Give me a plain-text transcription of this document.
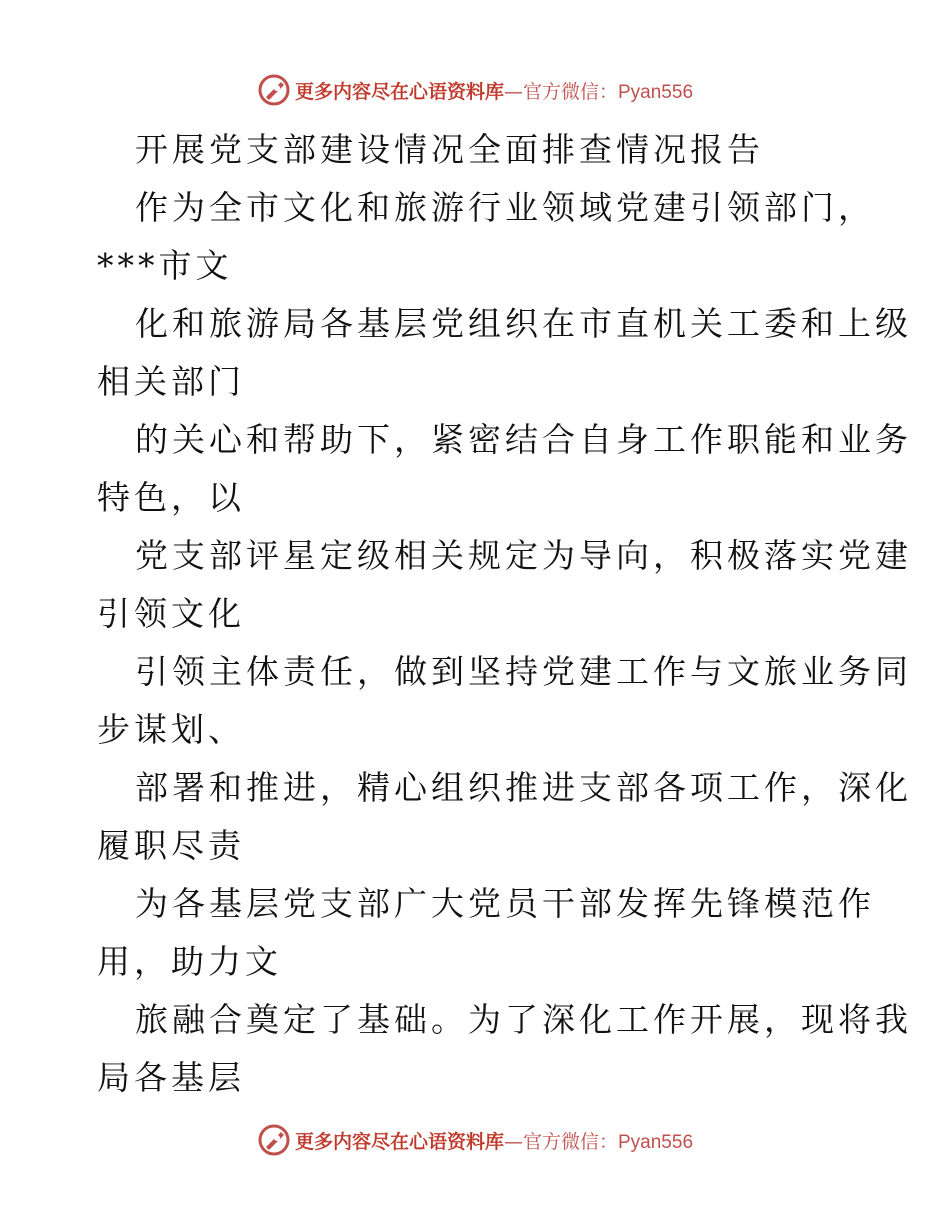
更多内容尽在心语资料库—官方微信：Pyan556
开展党支部建设情况全面排查情况报告
作为全市文化和旅游行业领域党建引领部门，
***市文
化和旅游局各基层党组织在市直机关工委和上级
相关部门
的关心和帮助下，紧密结合自身工作职能和业务
特色，以
党支部评星定级相关规定为导向，积极落实党建
引领文化
引领主体责任，做到坚持党建工作与文旅业务同
步谋划、
部署和推进，精心组织推进支部各项工作，深化
履职尽责
为各基层党支部广大党员干部发挥先锋模范作
用，助力文
旅融合奠定了基础。为了深化工作开展，现将我
局各基层
更多内容尽在心语资料库—官方微信：Pyan556
